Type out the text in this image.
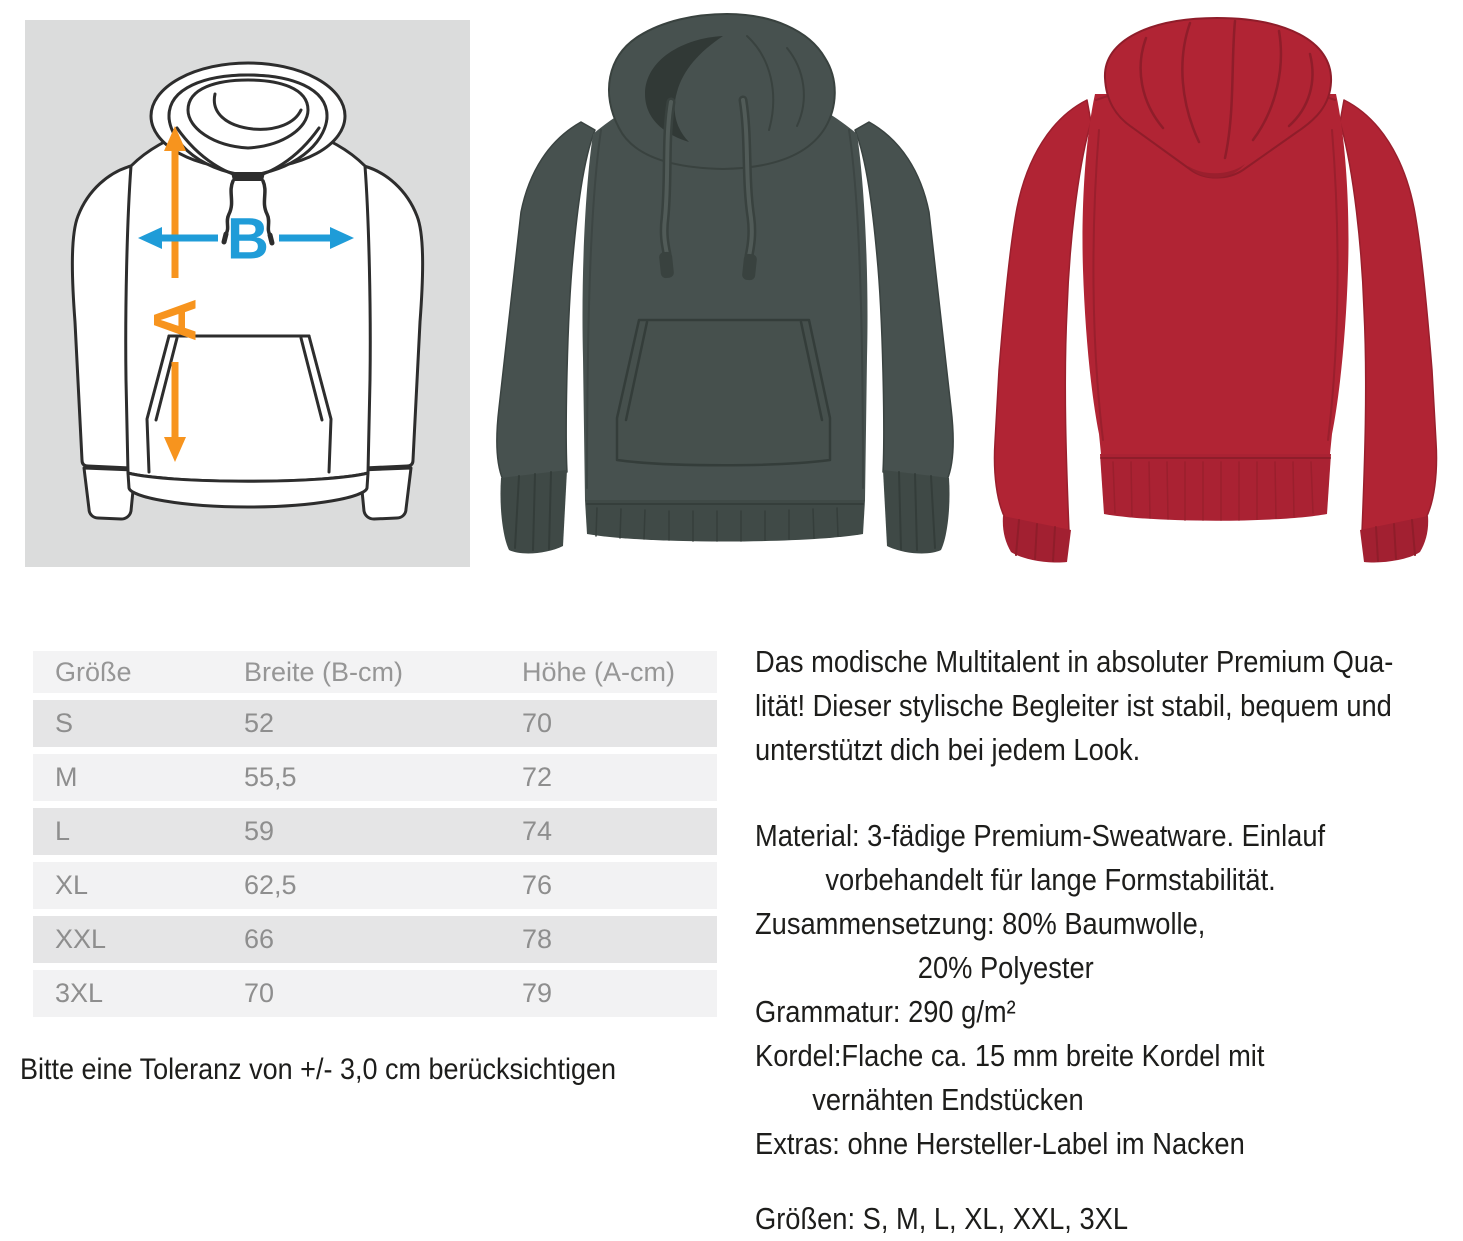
A
B
Größe	Breite (B-cm)	Höhe (A-cm)
S	52	70
M	55,5	72
L	59	74
XL	62,5	76
XXL	66	78
3XL	70	79
Bitte eine Toleranz von +/- 3,0 cm berücksichtigen
Das modische Multitalent in absoluter Premium Qua-
lität! Dieser stylische Begleiter ist stabil, bequem und
unterstützt dich bei jedem Look.
Material: 3-fädige Premium-Sweatware. Einlauf
vorbehandelt für lange Formstabilität.
Zusammensetzung: 80% Baumwolle,
20% Polyester
Grammatur: 290 g/m²
Kordel:Flache ca. 15 mm breite Kordel mit
vernähten Endstücken
Extras: ohne Hersteller-Label im Nacken
Größen: S, M, L, XL, XXL, 3XL
